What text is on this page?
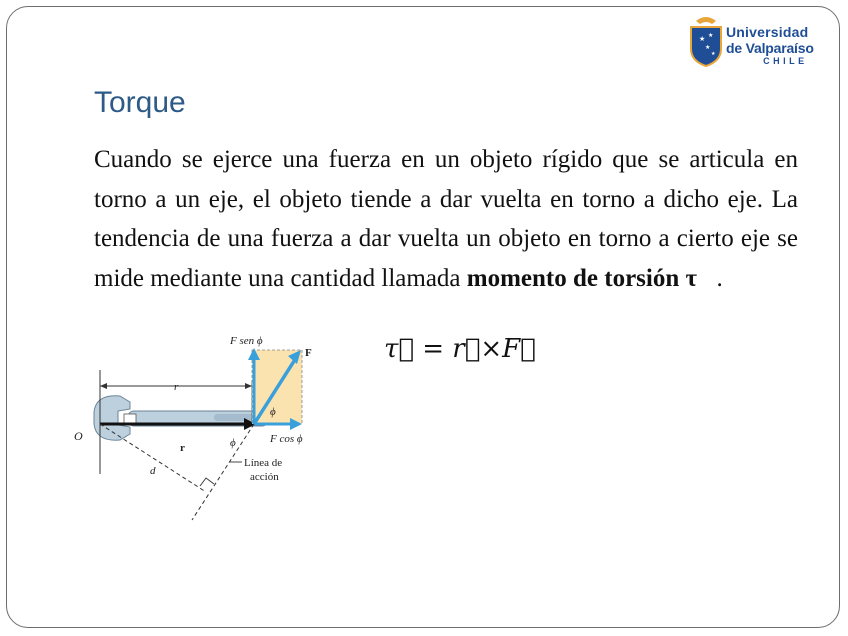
★ ★
★
★
Universidad
de Valparaíso
CHILE
Torque

Cuando se ejerce una fuerza en un objeto rígido que se articula en torno a un eje, el objeto tiende a dar vuelta en torno a dicho eje. La tendencia de una fuerza a dar vuelta un objeto en torno a cierto eje se mide mediante una cantidad llamada momento de torsión τ⃗.

τ⃗ = r⃗×F⃗
r
r
O
F sen ϕ
F
ϕ
F cos ϕ
d
ϕ
Línea de
acción
